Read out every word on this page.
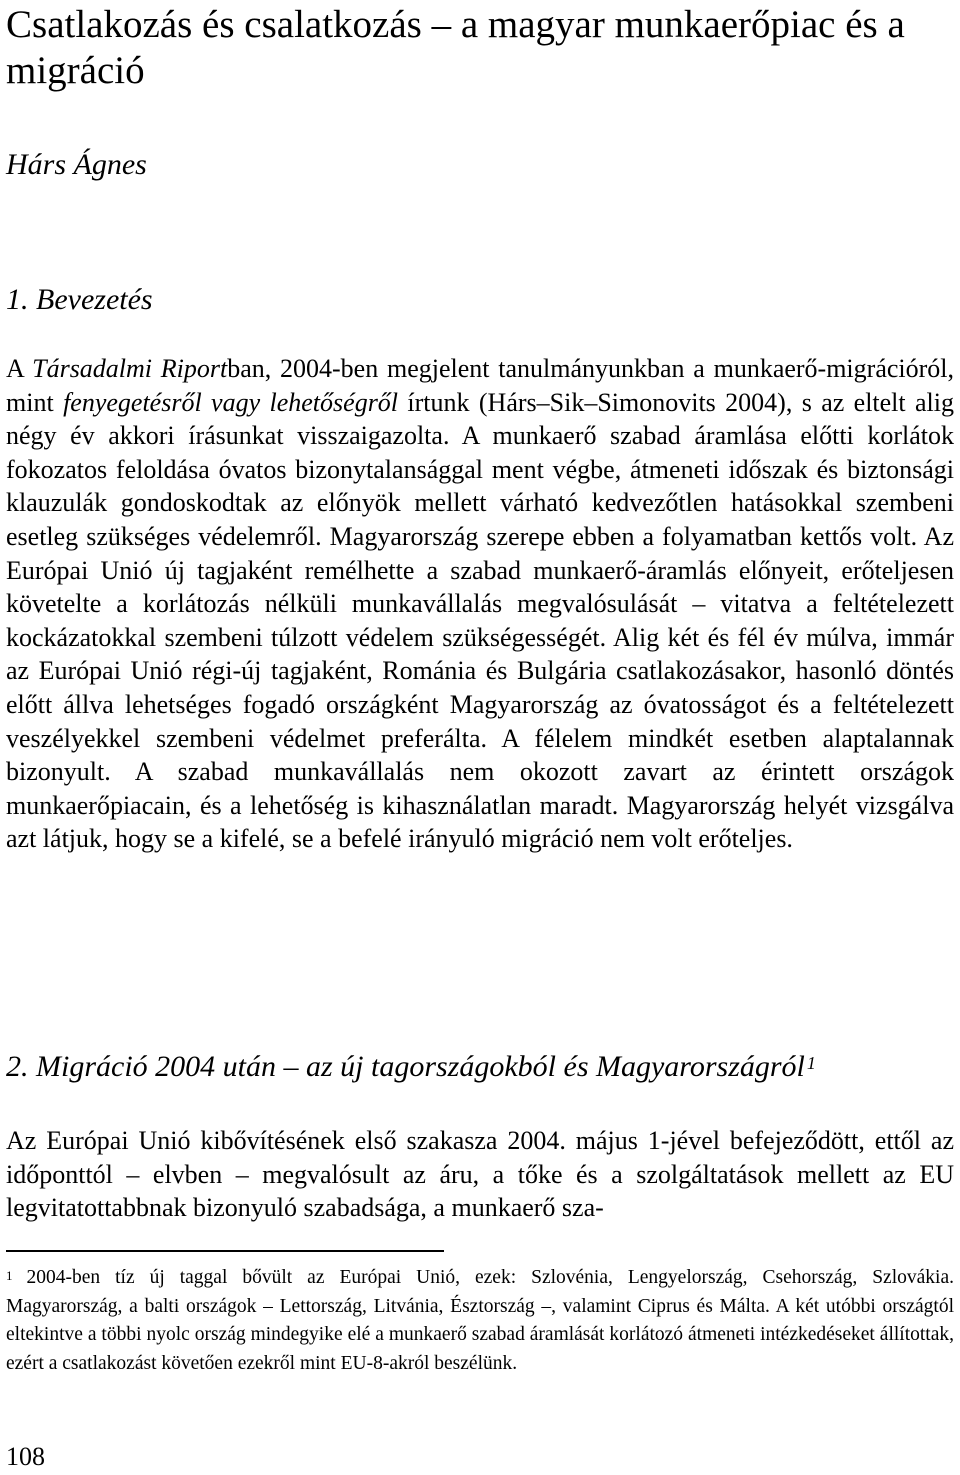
Csatlakozás és csalatkozás – a magyar munkaerőpiac és a migráció
Hárs Ágnes
1. Bevezetés

A Társadalmi Riportban, 2004-ben megjelent tanulmányunkban a munkaerő-migrációról, mint fenyegetésről vagy lehetőségről írtunk (Hárs–Sik–Simonovits 2004), s az eltelt alig négy év akkori írásunkat visszaigazolta. A munkaerő szabad áramlása előtti korlátok fokozatos feloldása óvatos bizonytalansággal ment végbe, átmeneti időszak és biztonsági klauzulák gondoskodtak az előnyök mellett várható kedvezőtlen hatásokkal szembeni esetleg szükséges védelemről. Magyarország szerepe ebben a folyamatban kettős volt. Az Európai Unió új tagjaként remélhette a szabad munkaerő-áramlás előnyeit, erőteljesen követelte a korlátozás nélküli munkavállalás megvalósulását – vitatva a feltételezett kockázatokkal szembeni túlzott védelem szükségességét. Alig két és fél év múlva, immár az Európai Unió régi-új tagjaként, Románia és Bulgária csatlakozásakor, hasonló döntés előtt állva lehetséges fogadó országként Magyarország az óvatosságot és a feltételezett veszélyekkel szembeni védelmet preferálta. A félelem mindkét esetben alaptalannak bizonyult. A szabad munkavállalás nem okozott zavart az érintett országok munkaerőpiacain, és a lehetőség is kihasználatlan maradt. Magyarország helyét vizsgálva azt látjuk, hogy se a kifelé, se a befelé irányuló migráció nem volt erőteljes.

2. Migráció 2004 után – az új tagországokból és Magyarországról $^1$

Az Európai Unió kibővítésének első szakasza 2004. május 1-jével befejeződött, ettől az időponttól – elvben – megvalósult az áru, a tőke és a szolgáltatások mellett az EU legvitatottabbnak bizonyuló szabadsága, a munkaerő sza-

$^1$ 2004-ben tíz új taggal bővült az Európai Unió, ezek: Szlovénia, Lengyelország, Csehország, Szlovákia. Magyarország, a balti országok – Lettország, Litvánia, Észtország –, valamint Ciprus és Málta. A két utóbbi országtól eltekintve a többi nyolc ország mindegyike elé a munkaerő szabad áramlását korlátozó átmeneti intézkedéseket állítottak, ezért a csatlakozást követően ezekről mint EU-8-akról beszélünk.

108
